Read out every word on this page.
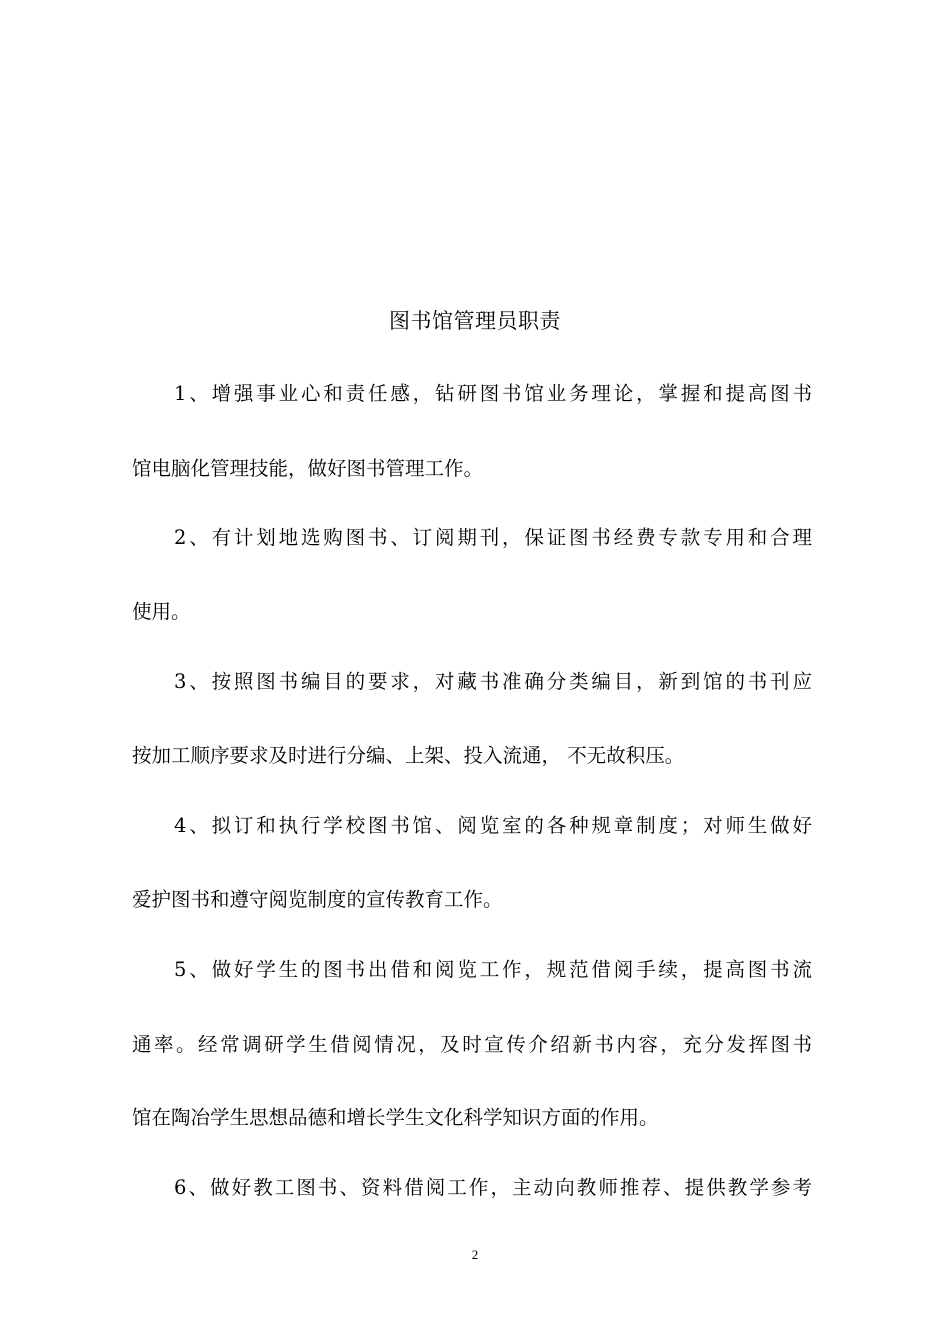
图书馆管理员职责
1、增强事业心和责任感，钻研图书馆业务理论，掌握和提高图书
馆电脑化管理技能，做好图书管理工作。
2、有计划地选购图书、订阅期刊，保证图书经费专款专用和合理
使用。
3、按照图书编目的要求，对藏书准确分类编目，新到馆的书刊应
按加工顺序要求及时进行分编、上架、投入流通， 不无故积压。
4、拟订和执行学校图书馆、阅览室的各种规章制度；对师生做好
爱护图书和遵守阅览制度的宣传教育工作。
5、做好学生的图书出借和阅览工作，规范借阅手续，提高图书流
通率。经常调研学生借阅情况，及时宣传介绍新书内容，充分发挥图书
馆在陶冶学生思想品德和增长学生文化科学知识方面的作用。
6、做好教工图书、资料借阅工作，主动向教师推荐、提供教学参考
2
